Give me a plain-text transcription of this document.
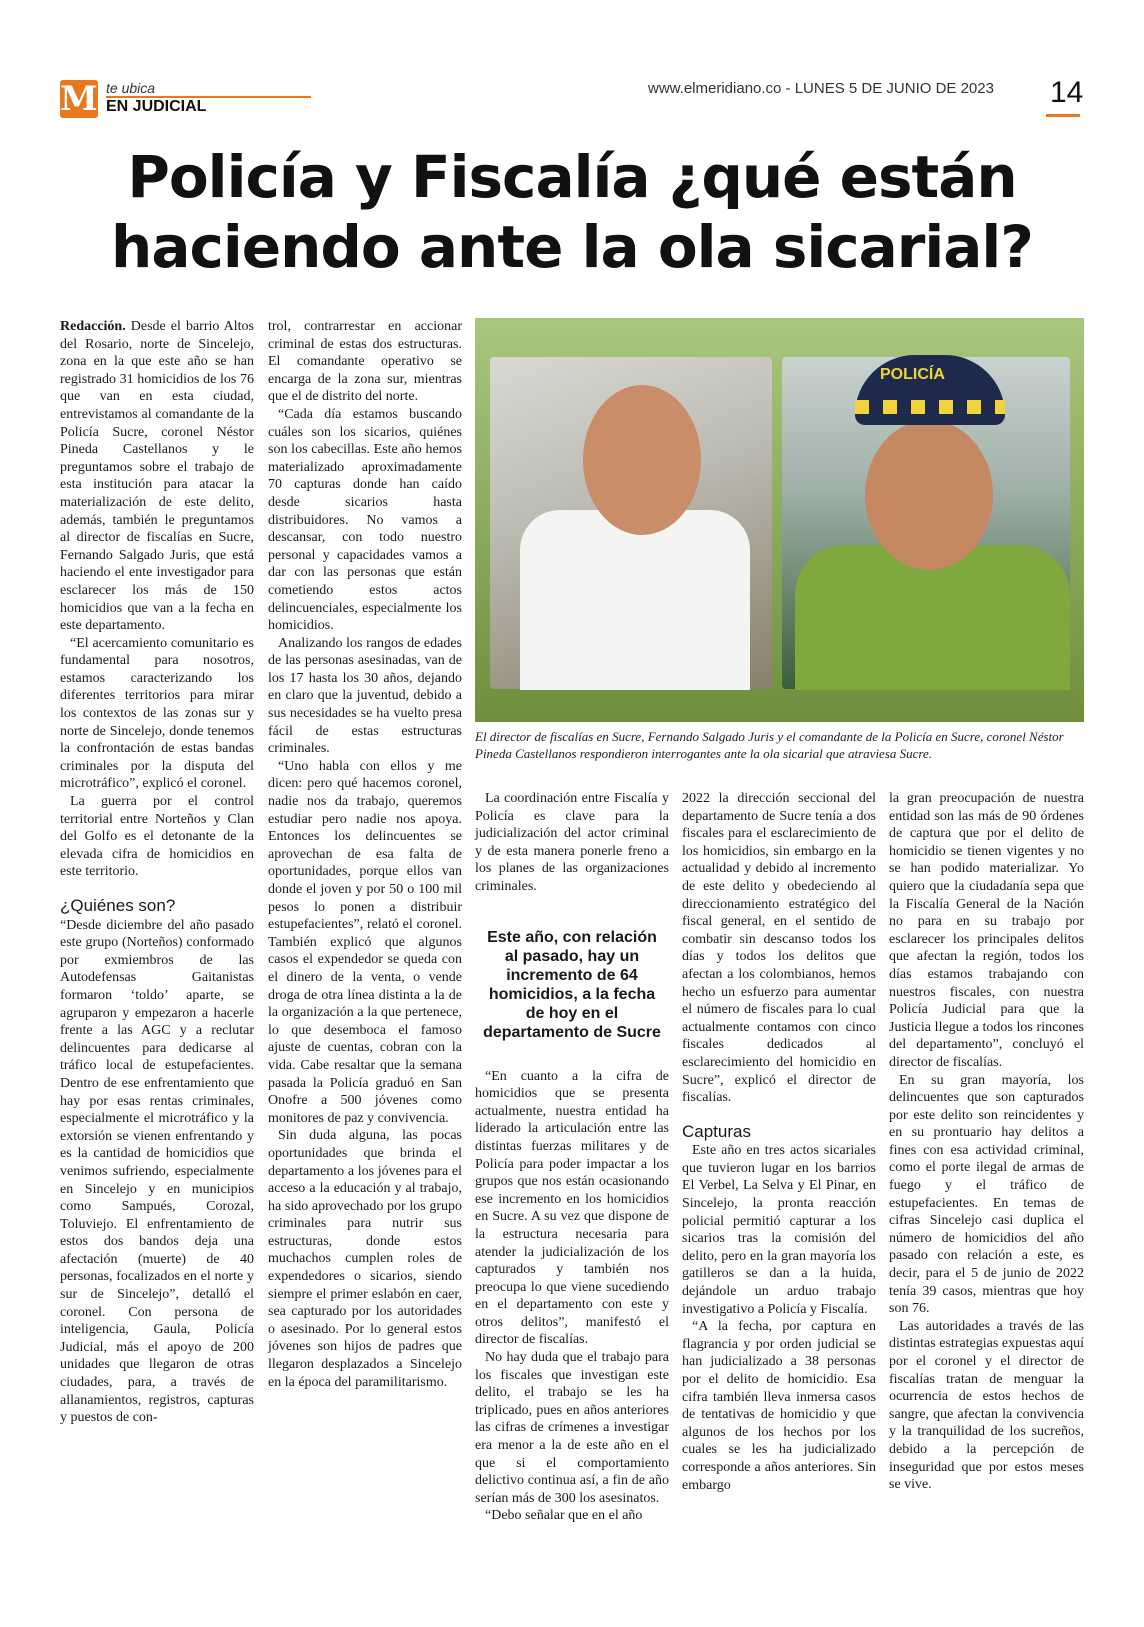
M te ubica
EN JUDICIAL
www.elmeridiano.co - LUNES 5 DE JUNIO DE 2023 14
Policía y Fiscalía ¿qué están haciendo ante la ola sicarial?
POLICÍA
El director de fiscalías en Sucre, Fernando Salgado Juris y el comandante de la Policía en Sucre, coronel Néstor Pineda Castellanos respondieron interrogantes ante la ola sicarial que atraviesa Sucre.

Redacción. Desde el barrio Altos del Rosario, norte de Sincelejo, zona en la que este año se han registrado 31 homicidios de los 76 que van en esta ciudad, entrevistamos al comandante de la Policía Sucre, coronel Néstor Pineda Castellanos y le preguntamos sobre el trabajo de esta institución para atacar la materialización de este delito, además, también le preguntamos al director de fiscalías en Sucre, Fernando Salgado Juris, que está haciendo el ente investigador para esclarecer los más de 150 homicidios que van a la fecha en este departamento.

“El acercamiento comunitario es fundamental para nosotros, estamos caracterizando los diferentes territorios para mirar los contextos de las zonas sur y norte de Sincelejo, donde tenemos la confrontación de estas bandas criminales por la disputa del microtráfico”, explicó el coronel.

La guerra por el control territorial entre Norteños y Clan del Golfo es el detonante de la elevada cifra de homicidios en este territorio.

¿Quiénes son?

“Desde diciembre del año pasado este grupo (Norteños) conformado por exmiembros de las Autodefensas Gaitanistas formaron ‘toldo’ aparte, se agruparon y empezaron a hacerle frente a las AGC y a reclutar delincuentes para dedicarse al tráfico local de estupefacientes. Dentro de ese enfrentamiento que hay por esas rentas criminales, especialmente el microtráfico y la extorsión se vienen enfrentando y es la cantidad de homicidios que venimos sufriendo, especialmente en Sincelejo y en municipios como Sampués, Corozal, Toluviejo. El enfrentamiento de estos dos bandos deja una afectación (muerte) de 40 personas, focalizados en el norte y sur de Sincelejo”, detalló el coronel. Con persona de inteligencia, Gaula, Policía Judicial, más el apoyo de 200 unidades que llegaron de otras ciudades, para, a través de allanamientos, registros, capturas y puestos de con-

trol, contrarrestar en accionar criminal de estas dos estructuras. El comandante operativo se encarga de la zona sur, mientras que el de distrito del norte.

“Cada día estamos buscando cuáles son los sicarios, quiénes son los cabecillas. Este año hemos materializado aproximadamente 70 capturas donde han caído desde sicarios hasta distribuidores. No vamos a descansar, con todo nuestro personal y capacidades vamos a dar con las personas que están cometiendo estos actos delincuenciales, especialmente los homicidios.

Analizando los rangos de edades de las personas asesinadas, van de los 17 hasta los 30 años, dejando en claro que la juventud, debido a sus necesidades se ha vuelto presa fácil de estas estructuras criminales.

“Uno habla con ellos y me dicen: pero qué hacemos coronel, nadie nos da trabajo, queremos estudiar pero nadie nos apoya. Entonces los delincuentes se aprovechan de esa falta de oportunidades, porque ellos van donde el joven y por 50 o 100 mil pesos lo ponen a distribuir estupefacientes”, relató el coronel. También explicó que algunos casos el expendedor se queda con el dinero de la venta, o vende droga de otra línea distinta a la de la organización a la que pertenece, lo que desemboca el famoso ajuste de cuentas, cobran con la vida. Cabe resaltar que la semana pasada la Policía graduó en San Onofre a 500 jóvenes como monitores de paz y convivencia.

Sin duda alguna, las pocas oportunidades que brinda el departamento a los jóvenes para el acceso a la educación y al trabajo, ha sido aprovechado por los grupo criminales para nutrir sus estructuras, donde estos muchachos cumplen roles de expendedores o sicarios, siendo siempre el primer eslabón en caer, sea capturado por los autoridades o asesinado. Por lo general estos jóvenes son hijos de padres que llegaron desplazados a Sincelejo en la época del paramilitarismo.

La coordinación entre Fiscalía y Policía es clave para la judicialización del actor criminal y de esta manera ponerle freno a los planes de las organizaciones criminales.

Este año, con relación al pasado, hay un incremento de 64 homicidios, a la fecha de hoy en el departamento de Sucre

“En cuanto a la cifra de homicidios que se presenta actualmente, nuestra entidad ha liderado la articulación entre las distintas fuerzas militares y de Policía para poder impactar a los grupos que nos están ocasionando ese incremento en los homicidios en Sucre. A su vez que dispone de la estructura necesaria para atender la judicialización de los capturados y también nos preocupa lo que viene sucediendo en el departamento con este y otros delitos”, manifestó el director de fiscalías.

No hay duda que el trabajo para los fiscales que investigan este delito, el trabajo se les ha triplicado, pues en años anteriores las cifras de crímenes a investigar era menor a la de este año en el que si el comportamiento delictivo continua así, a fin de año serían más de 300 los asesinatos.

“Debo señalar que en el año

2022 la dirección seccional del departamento de Sucre tenía a dos fiscales para el esclarecimiento de los homicidios, sin embargo en la actualidad y debido al incremento de este delito y obedeciendo al direccionamiento estratégico del fiscal general, en el sentido de combatir sin descanso todos los días y todos los delitos que afectan a los colombianos, hemos hecho un esfuerzo para aumentar el número de fiscales para lo cual actualmente contamos con cinco fiscales dedicados al esclarecimiento del homicidio en Sucre”, explicó el director de fiscalías.

Capturas

Este año en tres actos sicariales que tuvieron lugar en los barrios El Verbel, La Selva y El Pinar, en Sincelejo, la pronta reacción policial permitió capturar a los sicarios tras la comisión del delito, pero en la gran mayoría los gatilleros se dan a la huida, dejándole un arduo trabajo investigativo a Policía y Fiscalía.

“A la fecha, por captura en flagrancia y por orden judicial se han judicializado a 38 personas por el delito de homicidio. Esa cifra también lleva inmersa casos de tentativas de homicidio y que algunos de los hechos por los cuales se les ha judicializado corresponde a años anteriores. Sin embargo

la gran preocupación de nuestra entidad son las más de 90 órdenes de captura que por el delito de homicidio se tienen vigentes y no se han podido materializar. Yo quiero que la ciudadanía sepa que la Fiscalía General de la Nación no para en su trabajo por esclarecer los principales delitos que afectan la región, todos los días estamos trabajando con nuestros fiscales, con nuestra Policía Judicial para que la Justicia llegue a todos los rincones del departamento”, concluyó el director de fiscalías.

En su gran mayoría, los delincuentes que son capturados por este delito son reincidentes y en su prontuario hay delitos a fines con esa actividad criminal, como el porte ilegal de armas de fuego y el tráfico de estupefacientes. En temas de cifras Sincelejo casi duplica el número de homicidios del año pasado con relación a este, es decir, para el 5 de junio de 2022 tenía 39 casos, mientras que hoy son 76.

Las autoridades a través de las distintas estrategias expuestas aquí por el coronel y el director de fiscalías tratan de menguar la ocurrencia de estos hechos de sangre, que afectan la convivencia y la tranquilidad de los sucreños, debido a la percepción de inseguridad que por estos meses se vive.
